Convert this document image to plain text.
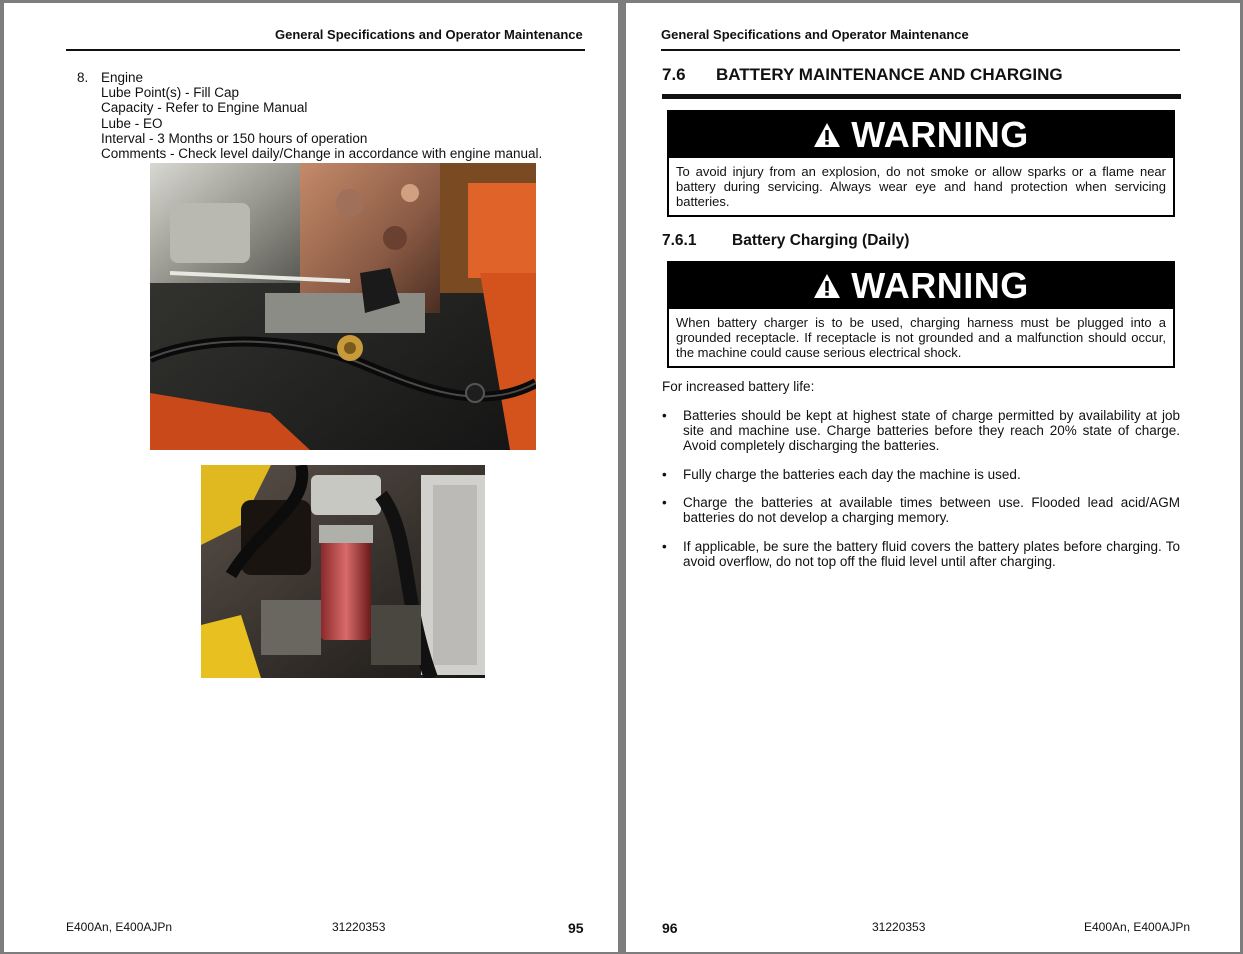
General Specifications and Operator Maintenance
8. Engine
Lube Point(s) - Fill Cap
Capacity - Refer to Engine Manual
Lube - EO
Interval - 3 Months or 150 hours of operation
Comments - Check level daily/Change in accordance with engine manual.
E400An, E400AJPn	31220353	95
General Specifications and Operator Maintenance
7.6 BATTERY MAINTENANCE AND CHARGING
WARNING
To avoid injury from an explosion, do not smoke or allow sparks or a flame near battery during servicing. Always wear eye and hand protection when servicing batteries.
7.6.1 Battery Charging (Daily)
WARNING
When battery charger is to be used, charging harness must be plugged into a grounded receptacle. If receptacle is not grounded and a malfunction should occur, the machine could cause serious electrical shock.
For increased battery life:
• Batteries should be kept at highest state of charge permitted by availability at job site and machine use. Charge batteries before they reach 20% state of charge. Avoid completely discharging the batteries.
• Fully charge the batteries each day the machine is used.
• Charge the batteries at available times between use. Flooded lead acid/AGM batteries do not develop a charging memory.
• If applicable, be sure the battery fluid covers the battery plates before charging. To avoid overflow, do not top off the fluid level until after charging.
96	31220353	E400An, E400AJPn
